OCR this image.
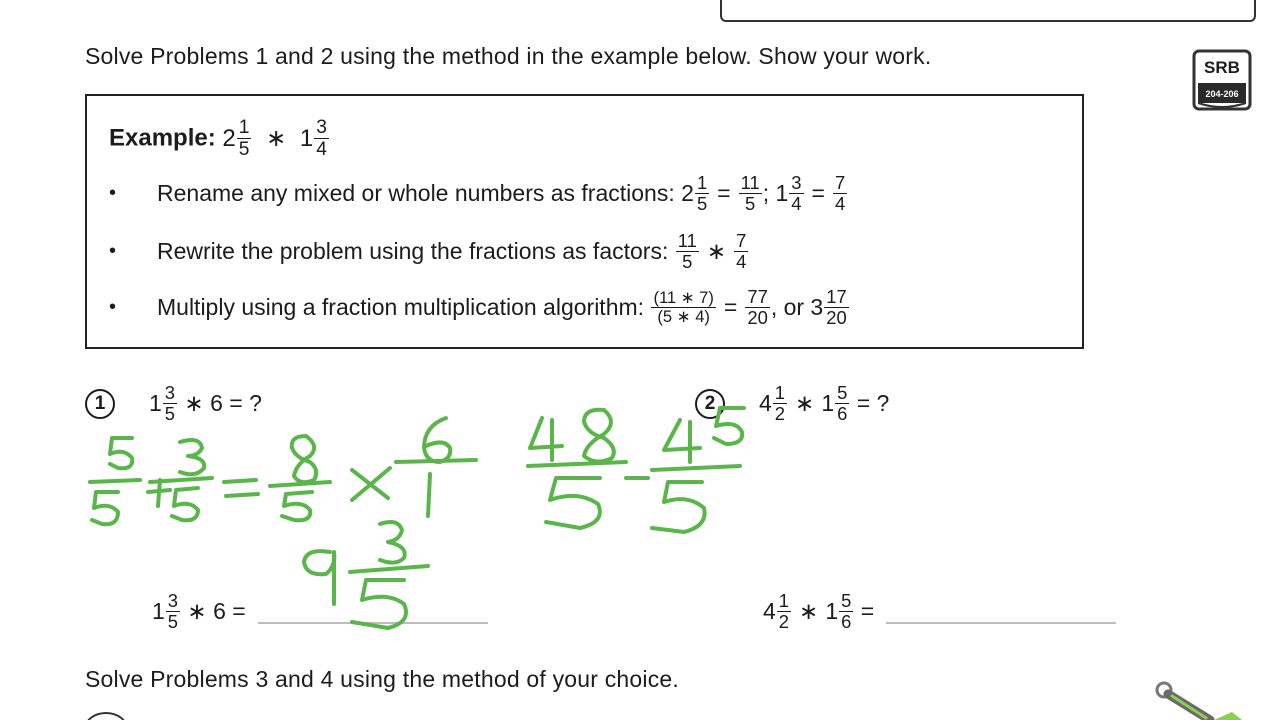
Solve Problems 1 and 2 using the method in the example below. Show your work.	SRB
204-206
Example: $2 \frac{1}{5}$ ∗ $1 \frac{3}{4}$
•	Rename any mixed or whole numbers as fractions:
$2 \frac{1}{5} = \frac{11}{5}$ ;
$1 \frac{3}{4} = \frac{7}{4}$
•	Rewrite the problem using the fractions as factors:
$\frac{11}{5}$ ∗ $\frac{7}{4}$
•	Multiply using a fraction multiplication algorithm:
$\frac{(11 ∗ 7)}{(5 ∗ 4)} = \frac{77}{20}$ , or $3 \frac{17}{20}$
1	$1 \frac{3}{5}$
∗ 6 = ?	2	$4 \frac{1}{2}$ ∗ $1 \frac{5}{6}$
= ?
$1 \frac{3}{5}$
∗ 6 =	$4 \frac{1}{2}$ ∗ $1 \frac{5}{6}$
=
Solve Problems 3 and 4 using the method of your choice.
